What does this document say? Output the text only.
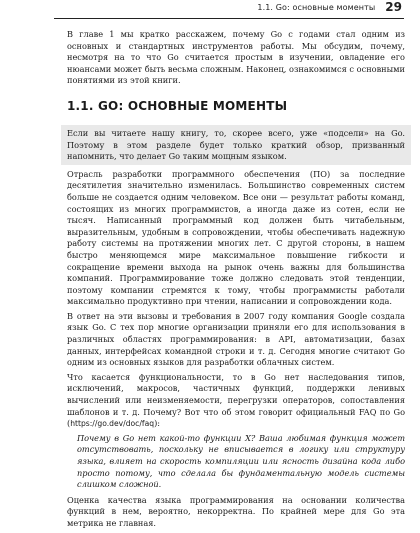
1.1. Go: основные моменты 29

В главе 1 мы кратко расскажем, почему Go с годами стал одним из основных и стандартных инструментов работы. Мы обсудим, почему, несмотря на то что Go считается простым в изучении, овладение его нюансами может быть весьма сложным. Наконец, ознакомимся с основными понятиями из этой книги.

1.1. GO: ОСНОВНЫЕ МОМЕНТЫ

Если вы читаете нашу книгу, то, скорее всего, уже «подсели» на Go. Поэтому в этом разделе будет только краткий обзор, призванный напомнить, что делает Go таким мощным языком.

Отрасль разработки программного обеспечения (ПО) за последние десятилетия значительно изменилась. Большинство современных систем больше не создается одним человеком. Все они — результат работы команд, состоящих из многих программистов, а иногда даже из сотен, если не тысяч. Написанный программный код должен быть читабельным, выразительным, удобным в сопровождении, чтобы обеспечивать надежную работу системы на протяжении многих лет. С другой стороны, в нашем быстро меняющемся мире максимальное повышение гибкости и сокращение времени выхода на рынок очень важны для большинства компаний. Программирование тоже должно следовать этой тенденции, поэтому компании стремятся к тому, чтобы программисты работали максимально продуктивно при чтении, написании и сопровождении кода.

В ответ на эти вызовы и требования в 2007 году компания Google создала язык Go. С тех пор многие организации приняли его для использования в различных областях программирования: в API, автоматизации, базах данных, интерфейсах командной строки и т. д. Сегодня многие считают Go одним из основных языков для разработки облачных систем.

Что касается функциональности, то в Go нет наследования типов, исключений, макросов, частичных функций, поддержки ленивых вычислений или неизменяемости, перегрузки операторов, сопоставления шаблонов и т. д. Почему? Вот что об этом говорит официальный FAQ по Go (https://go.dev/doc/faq):

Почему в Go нет какой-то функции X? Ваша любимая функция может отсутствовать, поскольку не вписывается в логику или структуру языка, влияет на скорость компиляции или ясность дизайна кода либо просто потому, что сделала бы фундаментальную модель системы слишком сложной.

Оценка качества языка программирования на основании количества функций в нем, вероятно, некорректна. По крайней мере для Go эта метрика не главная.
